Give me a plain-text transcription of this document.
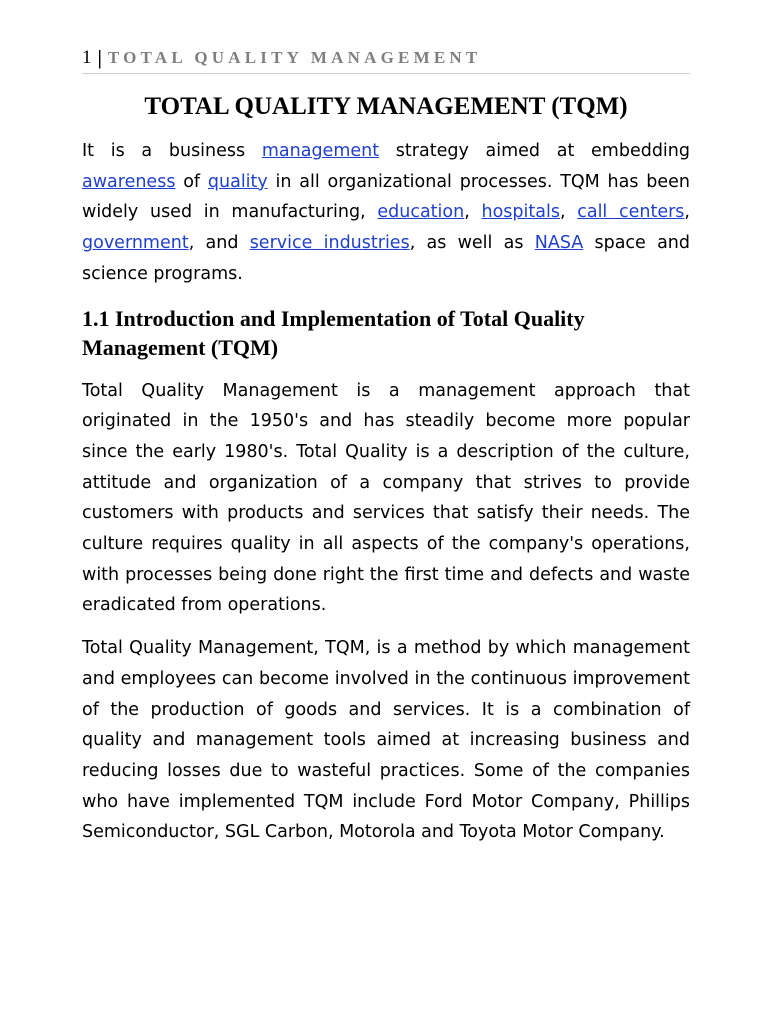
1 | TOTAL QUALITY MANAGEMENT
TOTAL QUALITY MANAGEMENT (TQM)

It is a business management strategy aimed at embedding awareness of quality in all organizational processes. TQM has been widely used in manufacturing, education, hospitals, call centers, government, and service industries, as well as NASA space and science programs.

1.1 Introduction and Implementation of Total Quality Management (TQM)

Total Quality Management is a management approach that originated in the 1950's and has steadily become more popular since the early 1980's. Total Quality is a description of the culture, attitude and organization of a company that strives to provide customers with products and services that satisfy their needs. The culture requires quality in all aspects of the company's operations, with processes being done right the first time and defects and waste eradicated from operations.

Total Quality Management, TQM, is a method by which management and employees can become involved in the continuous improvement of the production of goods and services. It is a combination of quality and management tools aimed at increasing business and reducing losses due to wasteful practices. Some of the companies who have implemented TQM include Ford Motor Company, Phillips Semiconductor, SGL Carbon, Motorola and Toyota Motor Company.
